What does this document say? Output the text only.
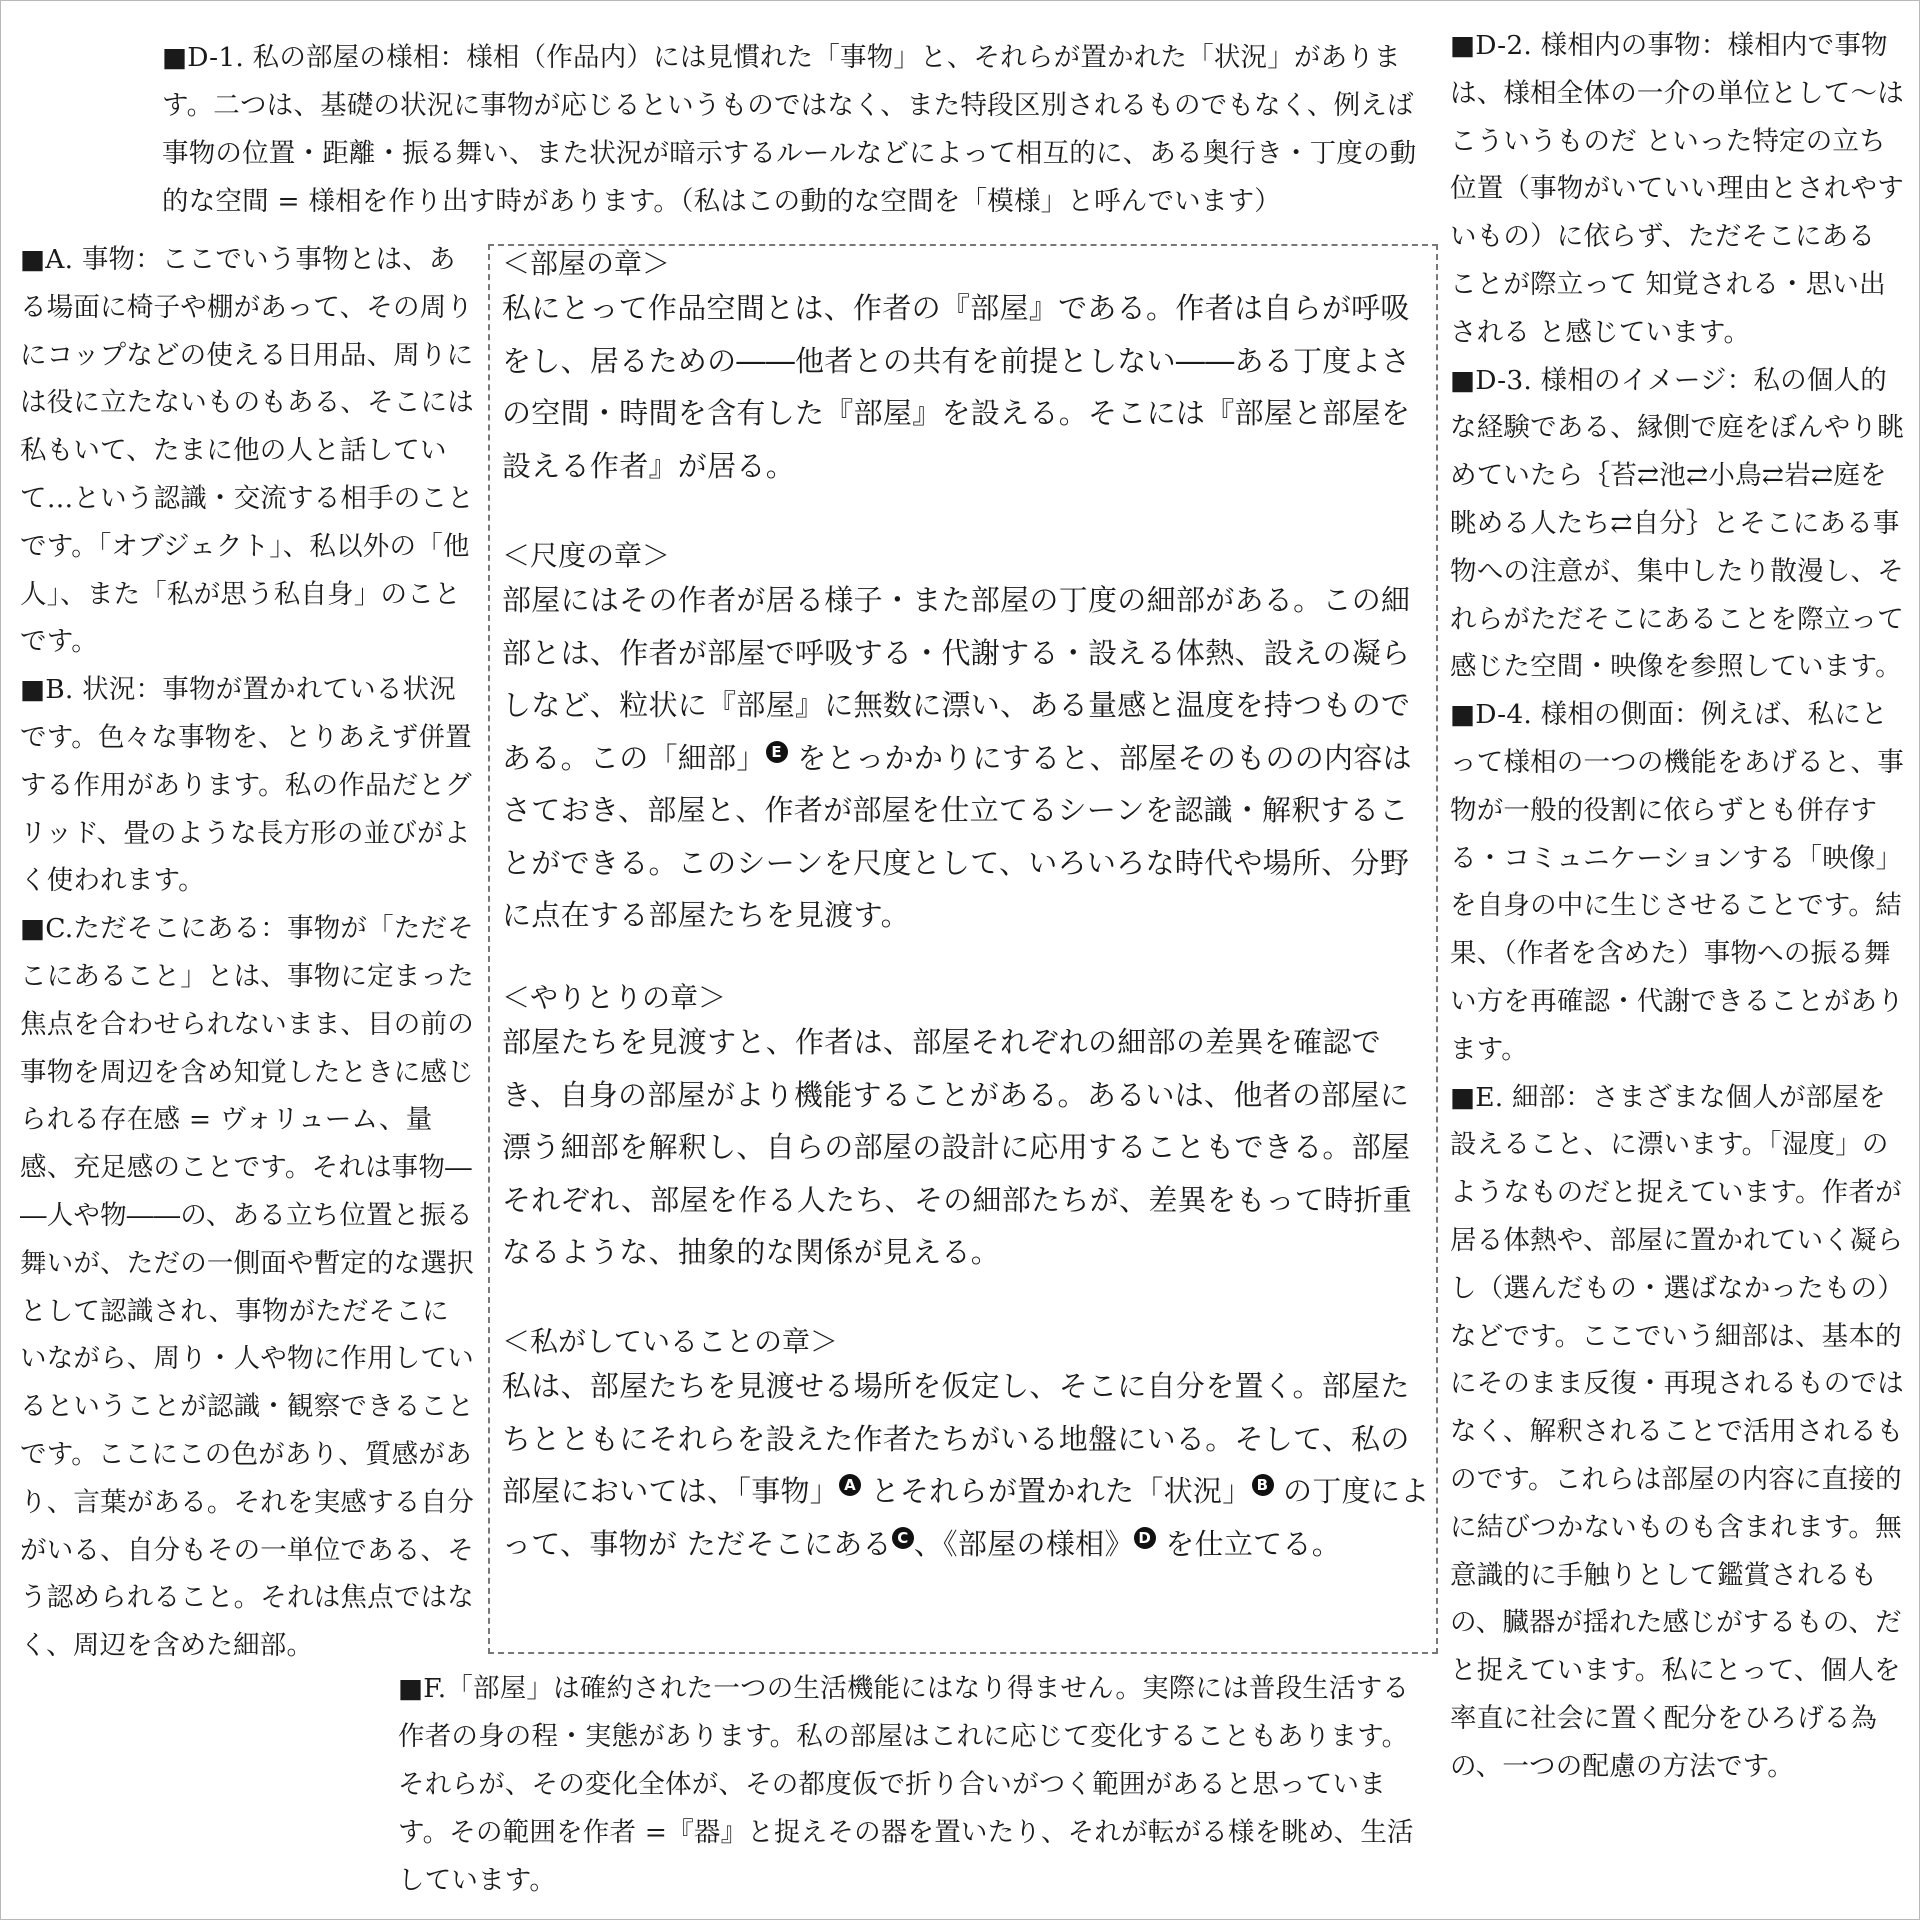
■D-1. 私の部屋の様相：様相（作品内）には見慣れた「事物」と、それらが置かれた「状況」がありま す。二つは、基礎の状況に事物が応じるというものではなく、また特段区別されるものでもなく、例えば事物の位置・距離・振る舞い、また状況が暗示するルールなどによって相互的に、ある奥行き・丁度の動的な空間 = 様相を作り出す時があります。（私はこの動的な空間を「模様」と呼んでいます）

■A. 事物：ここでいう事物とは、ある場面に椅子や棚があって、その周りにコップなどの使える日用品、周りには役に立たないものもある、そこには私もいて、たまに他の人と話していて…という認識・交流する相手のことです。「オブジェクト」、私以外の「他人」、また「私が思う私自身」のことです。
■B. 状況：事物が置かれている状況です。色々な事物を、とりあえず併置する作用があります。私の作品だとグリッド、畳のような長方形の並びがよく使われます。
■C.ただそこにある：事物が「ただそこにあること」とは、事物に定まった焦点を合わせられないまま、目の前の事物を周辺を含め知覚したときに感じられる存在感 = ヴォリューム、量感、充足感のことです。それは事物――人や物――の、ある立ち位置と振る舞いが、ただの一側面や暫定的な選択として認識され、事物がただそこにいながら、周り・人や物に作用しているということが認識・観察できることです。ここにこの色があり、質感があり、言葉がある。それを実感する自分がいる、自分もその一単位である、そう認められること。それは焦点ではなく、周辺を含めた細部。

■D-2. 様相内の事物：様相内で事物は、様相全体の一介の単位として～はこういうものだ といった特定の立ち位置（事物がいていい理由とされやすいもの）に依らず、ただそこにある ことが際立って 知覚される・思い出される と感じています。
■D-3. 様相のイメージ：私の個人的な経験である、縁側で庭をぼんやり眺めていたら｛苔⇄池⇄小鳥⇄岩⇄庭を眺める人たち⇄自分｝とそこにある事物への注意が、集中したり散漫し、それらがただそこにあることを際立って感じた空間・映像を参照しています。
■D-4. 様相の側面：例えば、私にとって様相の一つの機能をあげると、事物が一般的役割に依らずとも併存する・コミュニケーションする「映像」を自身の中に生じさせることです。結果、（作者を含めた）事物への振る舞い方を再確認・代謝できることがあります。
■E. 細部：さまざまな個人が部屋を設えること、に漂います。「湿度」のようなものだと捉えています。作者が居る体熱や、部屋に置かれていく凝らし（選んだもの・選ばなかったもの）などです。ここでいう細部は、基本的にそのまま反復・再現されるものではなく、解釈されることで活用されるものです。これらは部屋の内容に直接的に結びつかないものも含まれます。無意識的に手触りとして鑑賞されるもの、臓器が揺れた感じがするもの、だと捉えています。私にとって、個人を率直に社会に置く配分をひろげる為の、一つの配慮の方法です。

＜部屋の章＞

私にとって作品空間とは、作者の『部屋』である。作者は自らが呼吸をし、居るための――他者との共有を前提としない――ある丁度よさの空間・時間を含有した『部屋』を設える。そこには『部屋と部屋を設える作者』が居る。

＜尺度の章＞

部屋にはその作者が居る様子・また部屋の丁度の細部がある。この細部とは、作者が部屋で呼吸する・代謝する・設える体熱、設えの凝らしなど、粒状に『部屋』に無数に漂い、ある量感と温度を持つものである。この「細部」 E をとっかかりにすると、部屋そのものの内容はさておき、部屋と、作者が部屋を仕立てるシーンを認識・解釈することができる。このシーンを尺度として、いろいろな時代や場所、分野に点在する部屋たちを見渡す。

＜やりとりの章＞

部屋たちを見渡すと、作者は、部屋それぞれの細部の差異を確認でき、自身の部屋がより機能することがある。あるいは、他者の部屋に漂う細部を解釈し、自らの部屋の設計に応用することもできる。部屋それぞれ、部屋を作る人たち、その細部たちが、差異をもって時折重なるような、抽象的な関係が見える。

＜私がしていることの章＞

私は、部屋たちを見渡せる場所を仮定し、そこに自分を置く。部屋たちとともにそれらを設えた作者たちがいる地盤にいる。そして、私の部屋においては、「事物」 A とそれらが置かれた「状況」 B の丁度によって、事物が ただそこにある C 、《部屋の様相》 D を仕立てる。

■F.「部屋」は確約された一つの生活機能にはなり得ません。実際には普段生活する作者の身の程・実態があります。私の部屋はこれに応じて変化することもあります。それらが、その変化全体が、その都度仮で折り合いがつく範囲があると思っています。その範囲を作者 =『器』と捉えその器を置いたり、それが転がる様を眺め、生活しています。
